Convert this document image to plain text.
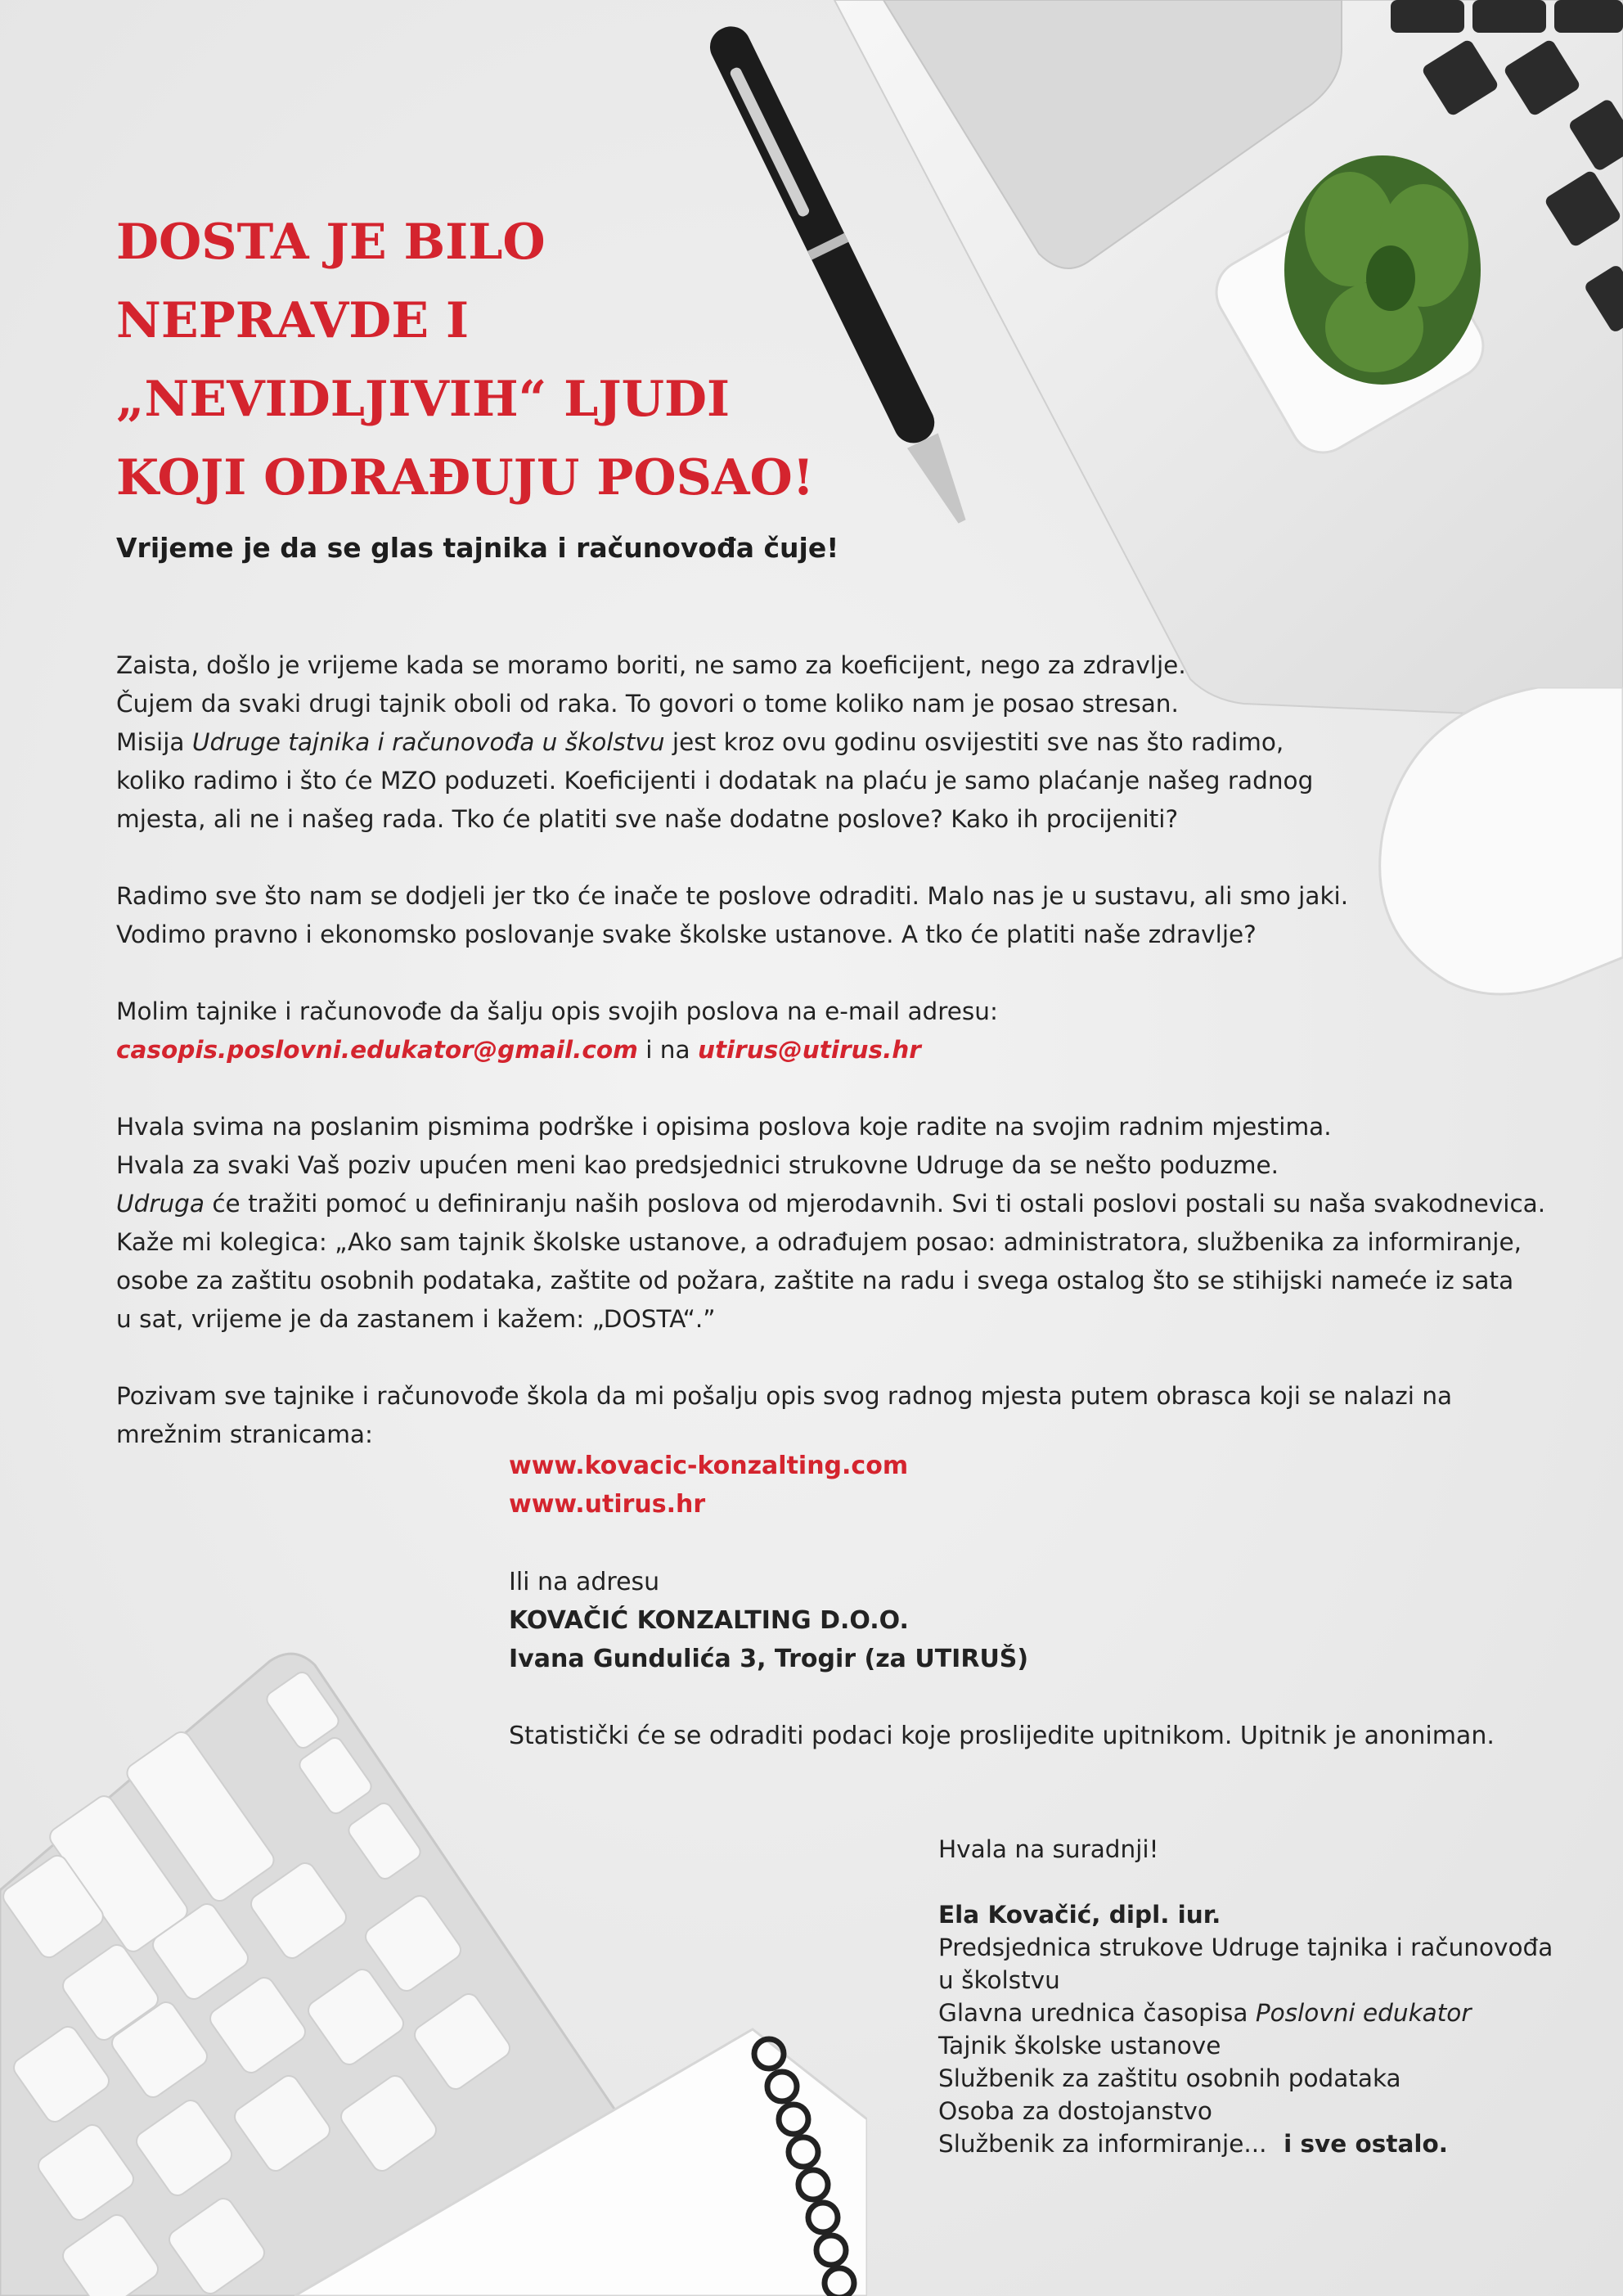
DOSTA JE BILO
NEPRAVDE I
„NEVIDLJIVIH“ LJUDI
KOJI ODRAĐUJU POSAO!

Vrijeme je da se glas tajnika i računovođa čuje!

Zaista, došlo je vrijeme kada se moramo boriti, ne samo za koeficijent, nego za zdravlje.
Čujem da svaki drugi tajnik oboli od raka. To govori o tome koliko nam je posao stresan.
Misija Udruge tajnika i računovođa u školstvu jest kroz ovu godinu osvijestiti sve nas što radimo,
koliko radimo i što će MZO poduzeti. Koeficijenti i dodatak na plaću je samo plaćanje našeg radnog
mjesta, ali ne i našeg rada. Tko će platiti sve naše dodatne poslove? Kako ih procijeniti?

Radimo sve što nam se dodjeli jer tko će inače te poslove odraditi. Malo nas je u sustavu, ali smo jaki.
Vodimo pravno i ekonomsko poslovanje svake školske ustanove. A tko će platiti naše zdravlje?

Molim tajnike i računovođe da šalju opis svojih poslova na e-mail adresu:
casopis.poslovni.edukator@gmail.com i na utirus@utirus.hr

Hvala svima na poslanim pismima podrške i opisima poslova koje radite na svojim radnim mjestima.
Hvala za svaki Vaš poziv upućen meni kao predsjednici strukovne Udruge da se nešto poduzme.
Udruga će tražiti pomoć u definiranju naših poslova od mjerodavnih. Svi ti ostali poslovi postali su naša svakodnevica.
Kaže mi kolegica: „Ako sam tajnik školske ustanove, a odrađujem posao: administratora, službenika za informiranje,
osobe za zaštitu osobnih podataka, zaštite od požara, zaštite na radu i svega ostalog što se stihijski nameće iz sata
u sat, vrijeme je da zastanem i kažem: „DOSTA“.”

Pozivam sve tajnike i računovođe škola da mi pošalju opis svog radnog mjesta putem obrasca koji se nalazi na
mrežnim stranicama:

www.kovacic-konzalting.com
www.utirus.hr
Ili na adresu
KOVAČIĆ KONZALTING D.O.O.
Ivana Gundulića 3, Trogir (za UTIRUŠ)
Statistički će se odraditi podaci koje proslijedite upitnikom. Upitnik je anoniman.
Hvala na suradnji!
Ela Kovačić, dipl. iur.
Predsjednica strukove Udruge tajnika i računovođa
u školstvu
Glavna urednica časopisa Poslovni edukator
Tajnik školske ustanove
Službenik za zaštitu osobnih podataka
Osoba za dostojanstvo
Službenik za informiranje...  i sve ostalo.
